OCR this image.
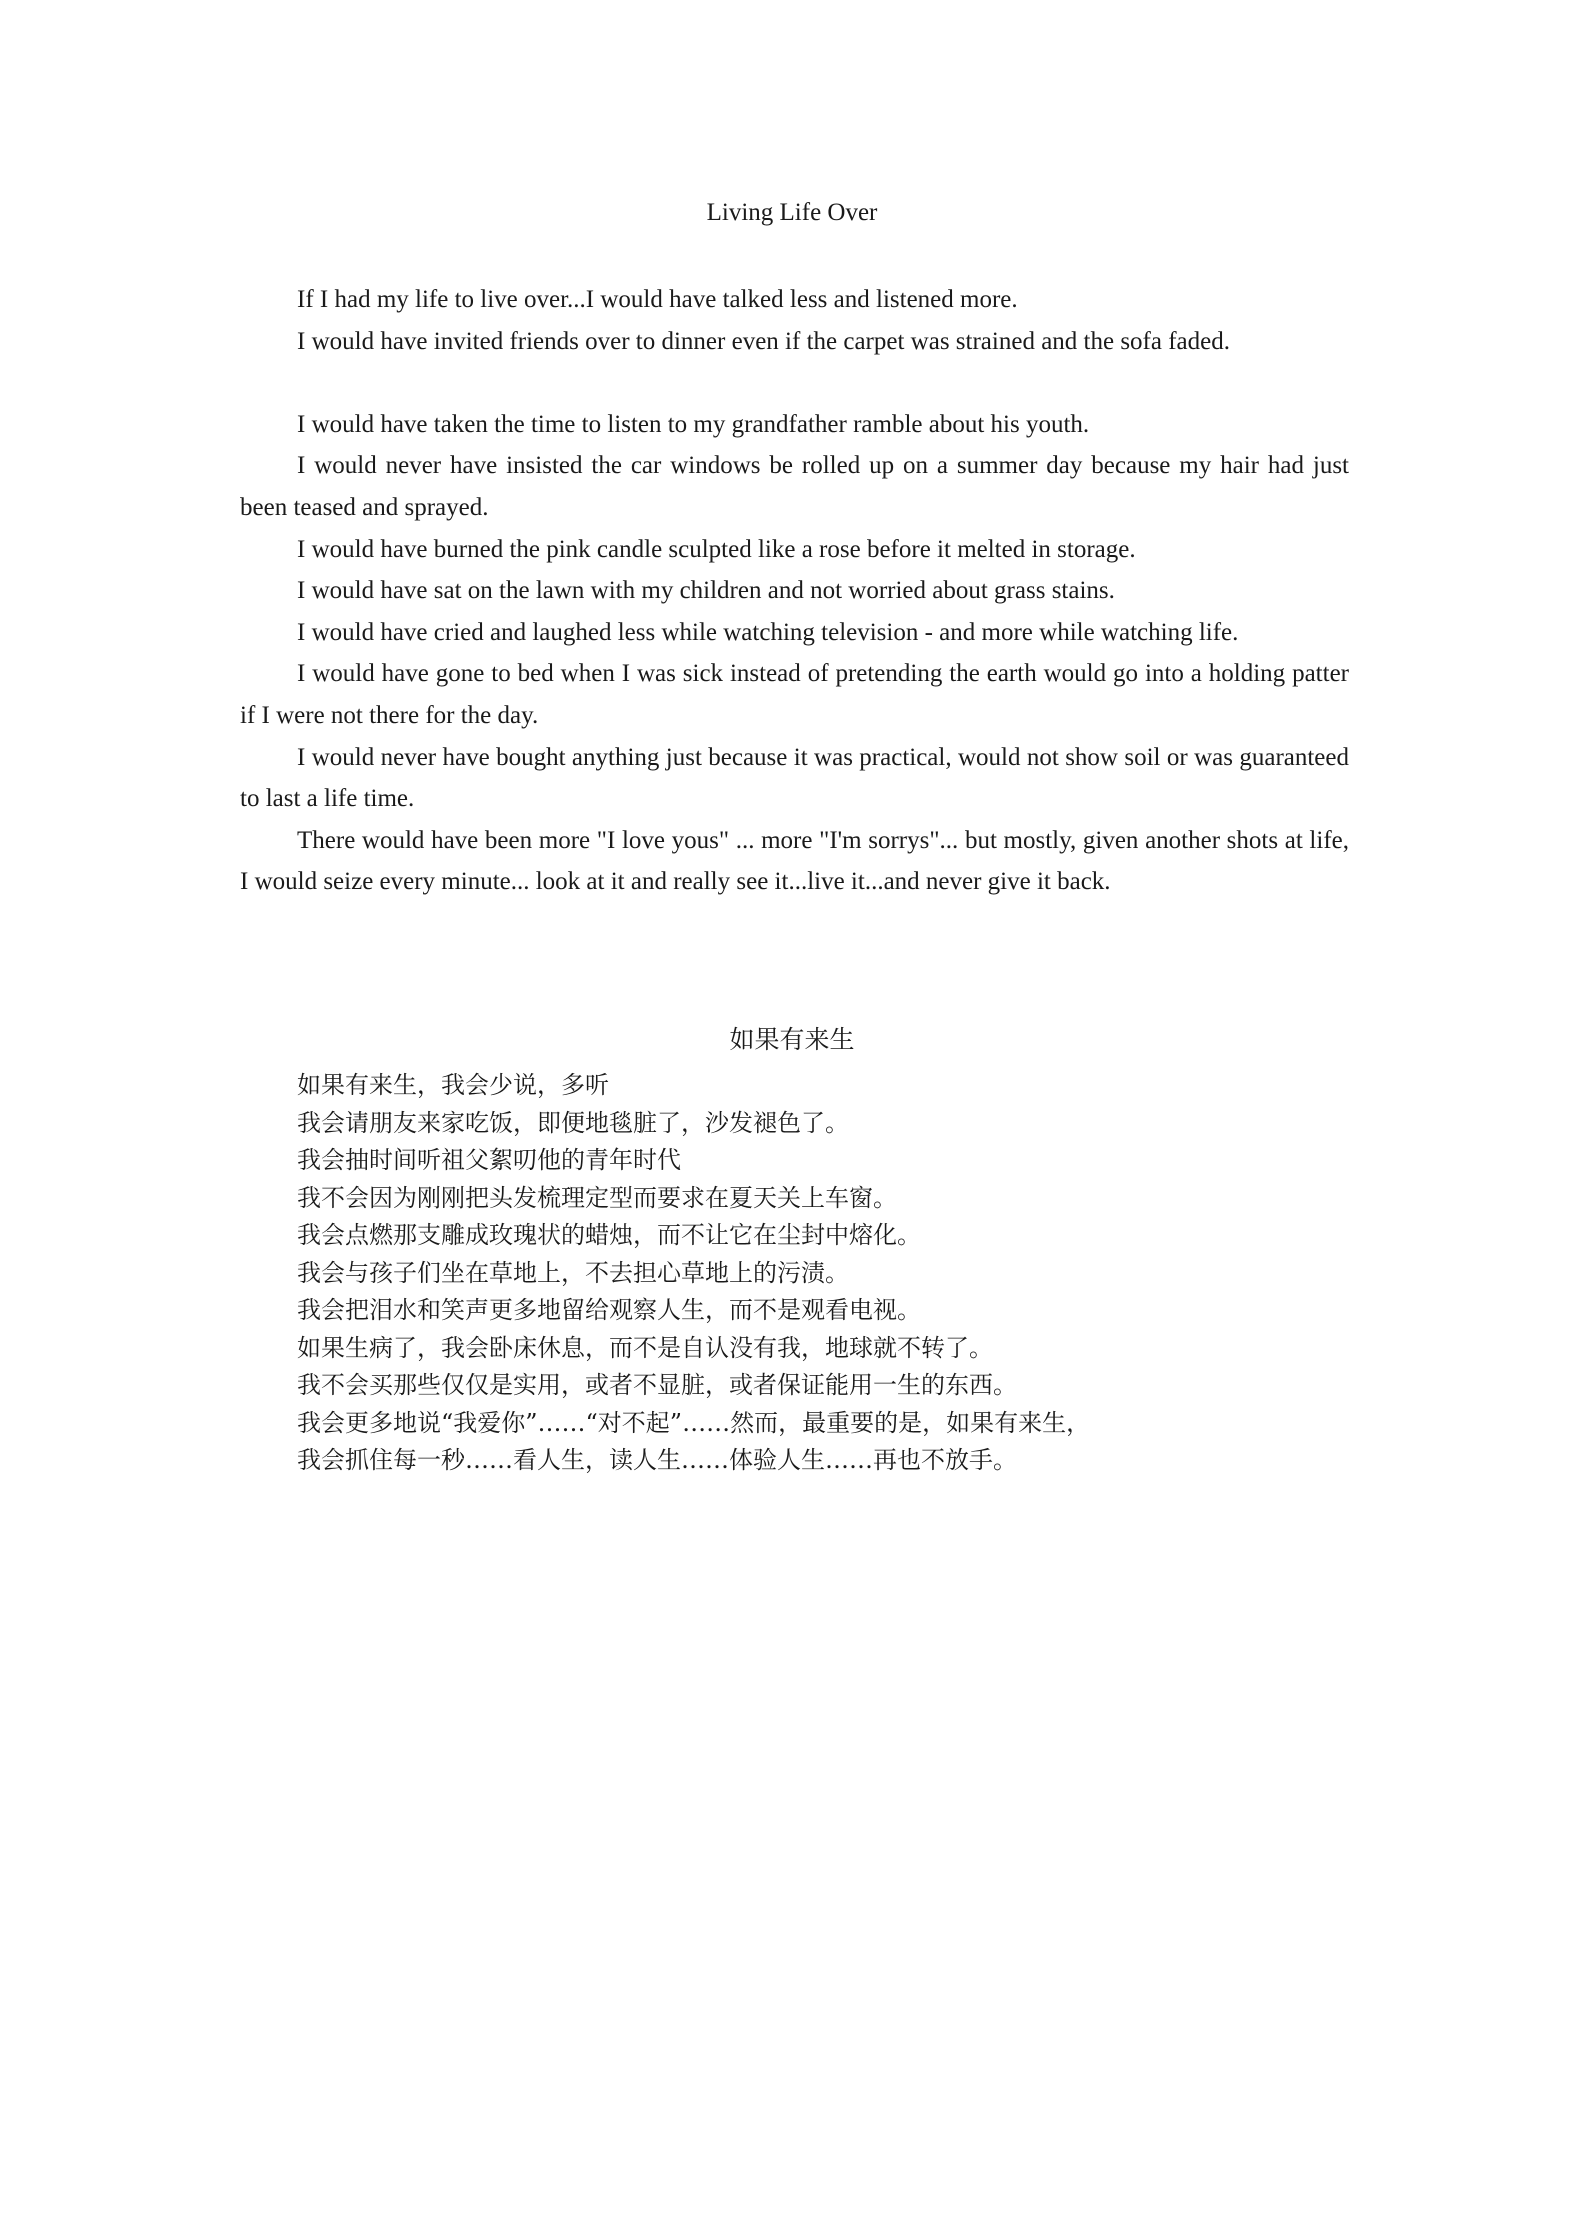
Living Life Over

If I had my life to live over...I would have talked less and listened more.

I would have invited friends over to dinner even if the carpet was strained and the sofa faded.

I would have taken the time to listen to my grandfather ramble about his youth.

I would never have insisted the car windows be rolled up on a summer day because my hair had just been teased and sprayed.

I would have burned the pink candle sculpted like a rose before it melted in storage.

I would have sat on the lawn with my children and not worried about grass stains.

I would have cried and laughed less while watching television - and more while watching life.

I would have gone to bed when I was sick instead of pretending the earth would go into a holding patter if I were not there for the day.

I would never have bought anything just because it was practical, would not show soil or was guaranteed to last a life time.

There would have been more "I love yous" ... more "I'm sorrys"... but mostly, given another shots at life, I would seize every minute... look at it and really see it...live it...and never give it back.

如果有来生

如果有来生，我会少说，多听

我会请朋友来家吃饭，即便地毯脏了，沙发褪色了。

我会抽时间听祖父絮叨他的青年时代

我不会因为刚刚把头发梳理定型而要求在夏天关上车窗。

我会点燃那支雕成玫瑰状的蜡烛，而不让它在尘封中熔化。

我会与孩子们坐在草地上，不去担心草地上的污渍。

我会把泪水和笑声更多地留给观察人生，而不是观看电视。

如果生病了，我会卧床休息，而不是自认没有我，地球就不转了。

我不会买那些仅仅是实用，或者不显脏，或者保证能用一生的东西。

我会更多地说“我爱你”……“对不起”……然而，最重要的是，如果有来生，

我会抓住每一秒……看人生，读人生……体验人生……再也不放手。
